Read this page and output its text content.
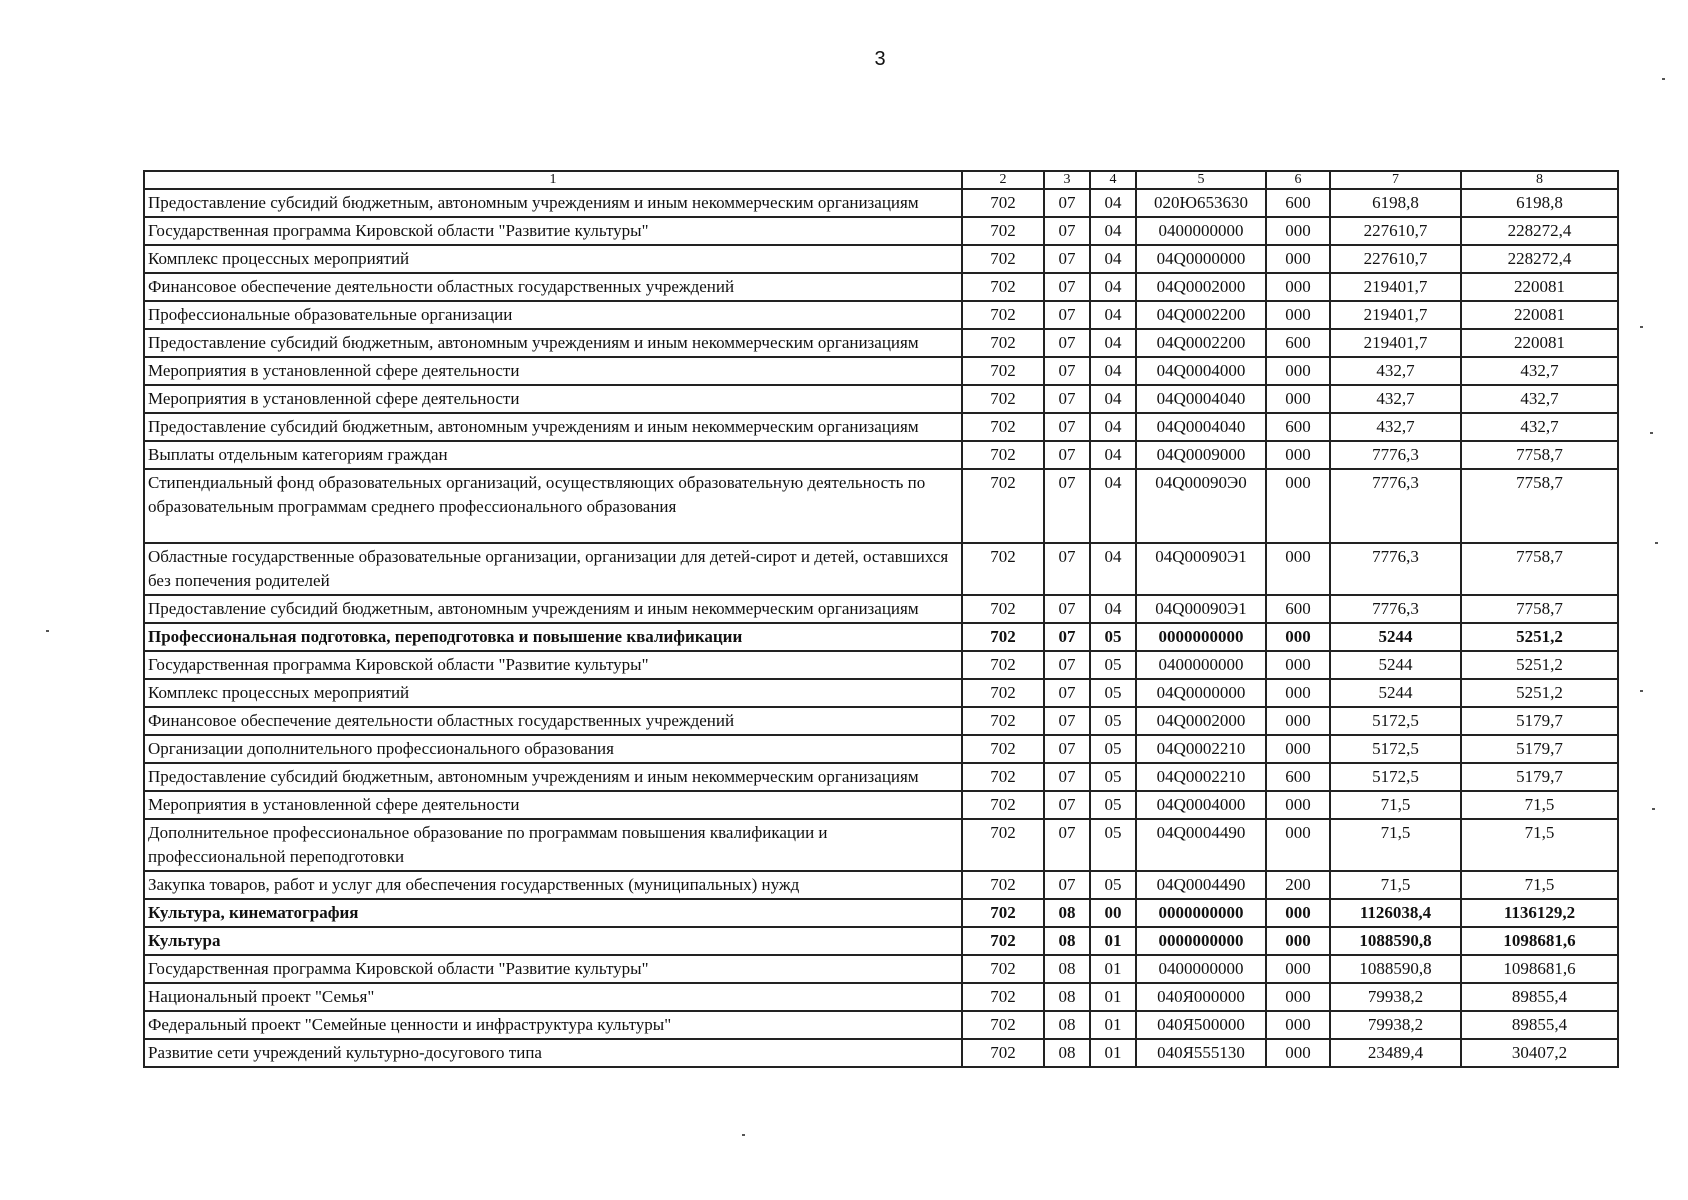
3
1	2	3	4	5	6	7	8
Предоставление субсидий бюджетным, автономным учреждениям и иным некоммерческим организациям	702	07	04	020Ю653630	600	6198,8	6198,8
Государственная программа Кировской области "Развитие культуры"	702	07	04	0400000000	000	227610,7	228272,4
Комплекс процессных мероприятий	702	07	04	04Q0000000	000	227610,7	228272,4
Финансовое обеспечение деятельности областных государственных учреждений	702	07	04	04Q0002000	000	219401,7	220081
Профессиональные образовательные организации	702	07	04	04Q0002200	000	219401,7	220081
Предоставление субсидий бюджетным, автономным учреждениям и иным некоммерческим организациям	702	07	04	04Q0002200	600	219401,7	220081
Мероприятия в установленной сфере деятельности	702	07	04	04Q0004000	000	432,7	432,7
Мероприятия в установленной сфере деятельности	702	07	04	04Q0004040	000	432,7	432,7
Предоставление субсидий бюджетным, автономным учреждениям и иным некоммерческим организациям	702	07	04	04Q0004040	600	432,7	432,7
Выплаты отдельным категориям граждан	702	07	04	04Q0009000	000	7776,3	7758,7
Стипендиальный фонд образовательных организаций, осуществляющих образовательную деятельность по образовательным программам среднего профессионального образования	702	07	04	04Q00090Э0	000	7776,3	7758,7
Областные государственные образовательные организации, организации для детей-сирот и детей, оставшихся без попечения родителей	702	07	04	04Q00090Э1	000	7776,3	7758,7
Предоставление субсидий бюджетным, автономным учреждениям и иным некоммерческим организациям	702	07	04	04Q00090Э1	600	7776,3	7758,7
Профессиональная подготовка, переподготовка и повышение квалификации	702	07	05	0000000000	000	5244	5251,2
Государственная программа Кировской области "Развитие культуры"	702	07	05	0400000000	000	5244	5251,2
Комплекс процессных мероприятий	702	07	05	04Q0000000	000	5244	5251,2
Финансовое обеспечение деятельности областных государственных учреждений	702	07	05	04Q0002000	000	5172,5	5179,7
Организации дополнительного профессионального образования	702	07	05	04Q0002210	000	5172,5	5179,7
Предоставление субсидий бюджетным, автономным учреждениям и иным некоммерческим организациям	702	07	05	04Q0002210	600	5172,5	5179,7
Мероприятия в установленной сфере деятельности	702	07	05	04Q0004000	000	71,5	71,5
Дополнительное профессиональное образование по программам повышения квалификации и профессиональной переподготовки	702	07	05	04Q0004490	000	71,5	71,5
Закупка товаров, работ и услуг для обеспечения государственных (муниципальных) нужд	702	07	05	04Q0004490	200	71,5	71,5
Культура, кинематография	702	08	00	0000000000	000	1126038,4	1136129,2
Культура	702	08	01	0000000000	000	1088590,8	1098681,6
Государственная программа Кировской области "Развитие культуры"	702	08	01	0400000000	000	1088590,8	1098681,6
Национальный проект "Семья"	702	08	01	040Я000000	000	79938,2	89855,4
Федеральный проект "Семейные ценности и инфраструктура культуры"	702	08	01	040Я500000	000	79938,2	89855,4
Развитие сети учреждений культурно-досугового типа	702	08	01	040Я555130	000	23489,4	30407,2
